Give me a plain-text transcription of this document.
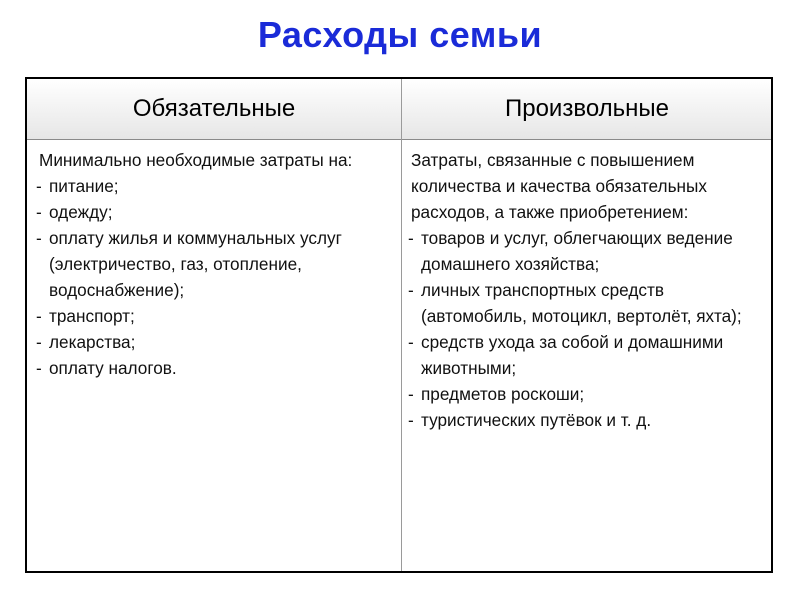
Расходы семьи
Обязательные	Произвольные
Минимально необходимые затраты на:
- питание;
- одежду;
- оплату жилья и коммунальных услуг (электричество, газ, отопление, водоснабжение);
- транспорт;
- лекарства;
- оплату налогов.
Затраты, связанные с повышением количества и качества обязательных расходов, а также приобретением:
- товаров и услуг, облегчающих ведение домашнего хозяйства;
- личных транспортных средств (автомобиль, мотоцикл, вертолёт, яхта);
- средств ухода за собой и домашними животными;
- предметов роскоши;
- туристических путёвок и т. д.
